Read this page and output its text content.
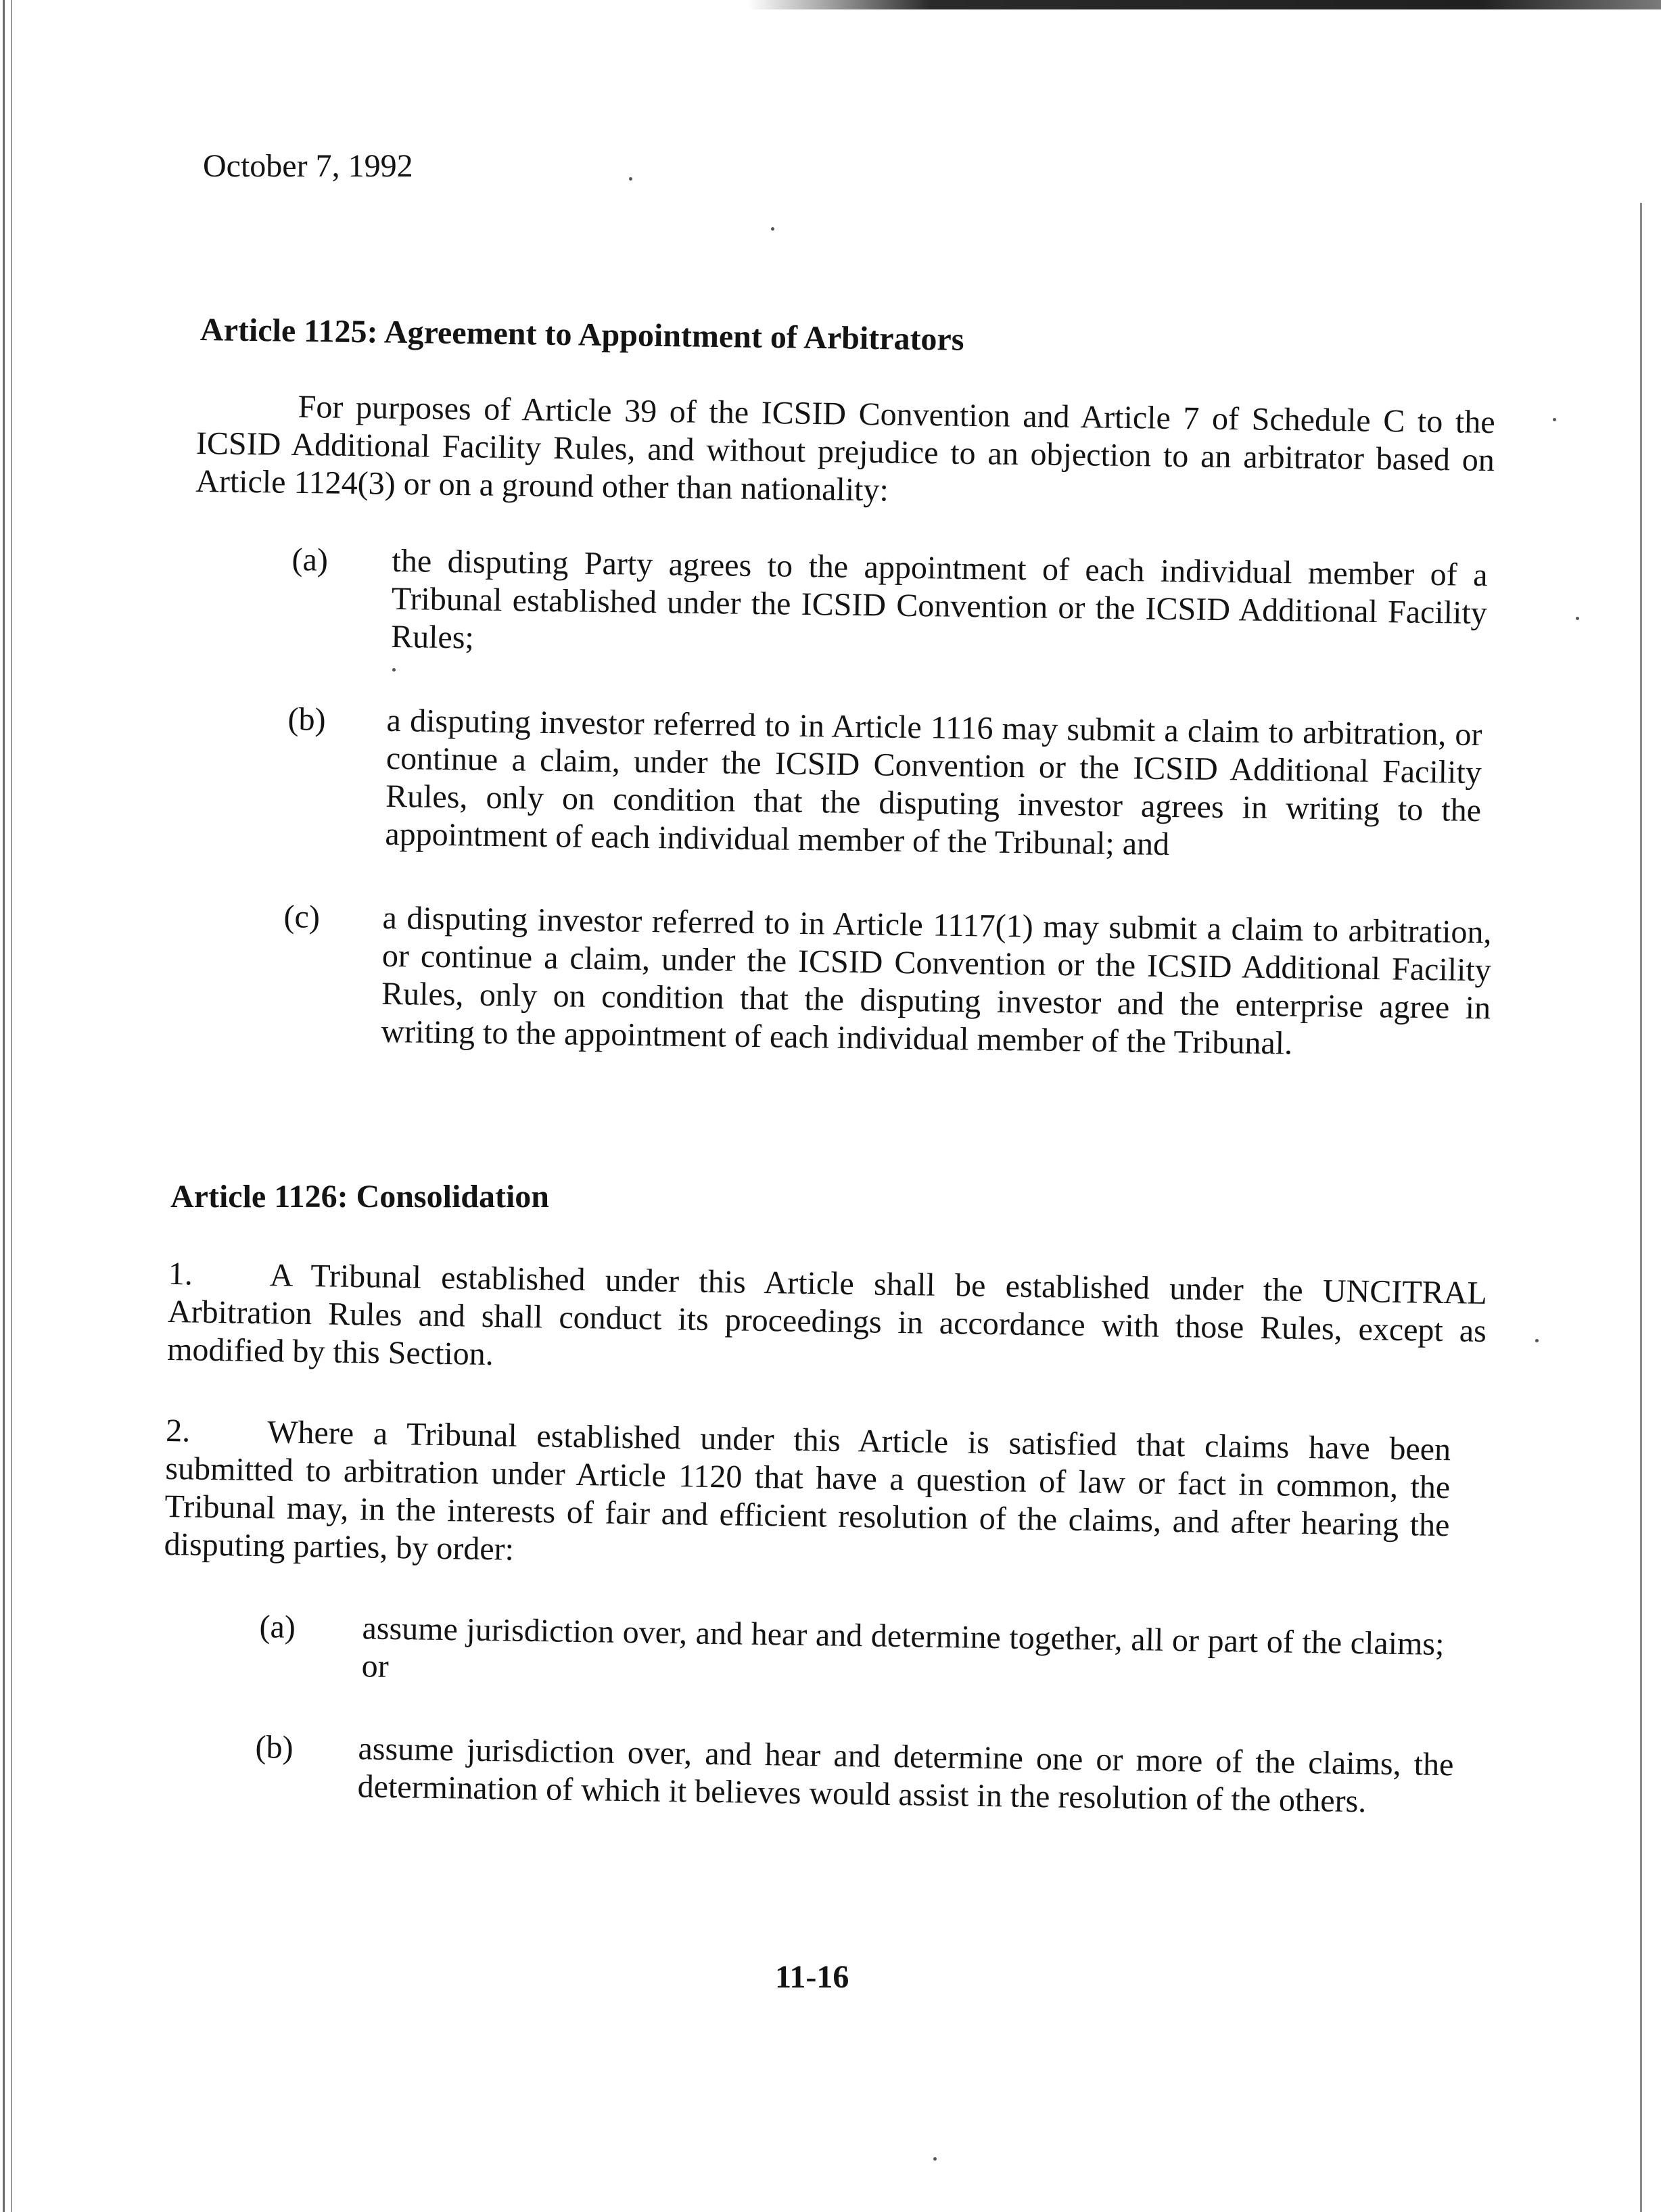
October 7, 1992

Article 1125: Agreement to Appointment of Arbitrators

For purposes of Article 39 of the ICSID Convention and Article 7 of Schedule C to the ICSID Additional Facility Rules, and without prejudice to an objection to an arbitrator based on Article 1124(3) or on a ground other than nationality:

(a) the disputing Party agrees to the appointment of each individual member of a Tribunal established under the ICSID Convention or the ICSID Additional Facility Rules;
(b) a disputing investor referred to in Article 1116 may submit a claim to arbitration, or continue a claim, under the ICSID Convention or the ICSID Additional Facility Rules, only on condition that the disputing investor agrees in writing to the appointment of each individual member of the Tribunal; and
(c) a disputing investor referred to in Article 1117(1) may submit a claim to arbitration, or continue a claim, under the ICSID Convention or the ICSID Additional Facility Rules, only on condition that the disputing investor and the enterprise agree in writing to the appointment of each individual member of the Tribunal.

Article 1126: Consolidation

1. A Tribunal established under this Article shall be established under the UNCITRAL Arbitration Rules and shall conduct its proceedings in accordance with those Rules, except as modified by this Section.
2. Where a Tribunal established under this Article is satisfied that claims have been submitted to arbitration under Article 1120 that have a question of law or fact in common, the Tribunal may, in the interests of fair and efficient resolution of the claims, and after hearing the disputing parties, by order:
(a) assume jurisdiction over, and hear and determine together, all or part of the claims; or
(b) assume jurisdiction over, and hear and determine one or more of the claims, the determination of which it believes would assist in the resolution of the others.

11-16
